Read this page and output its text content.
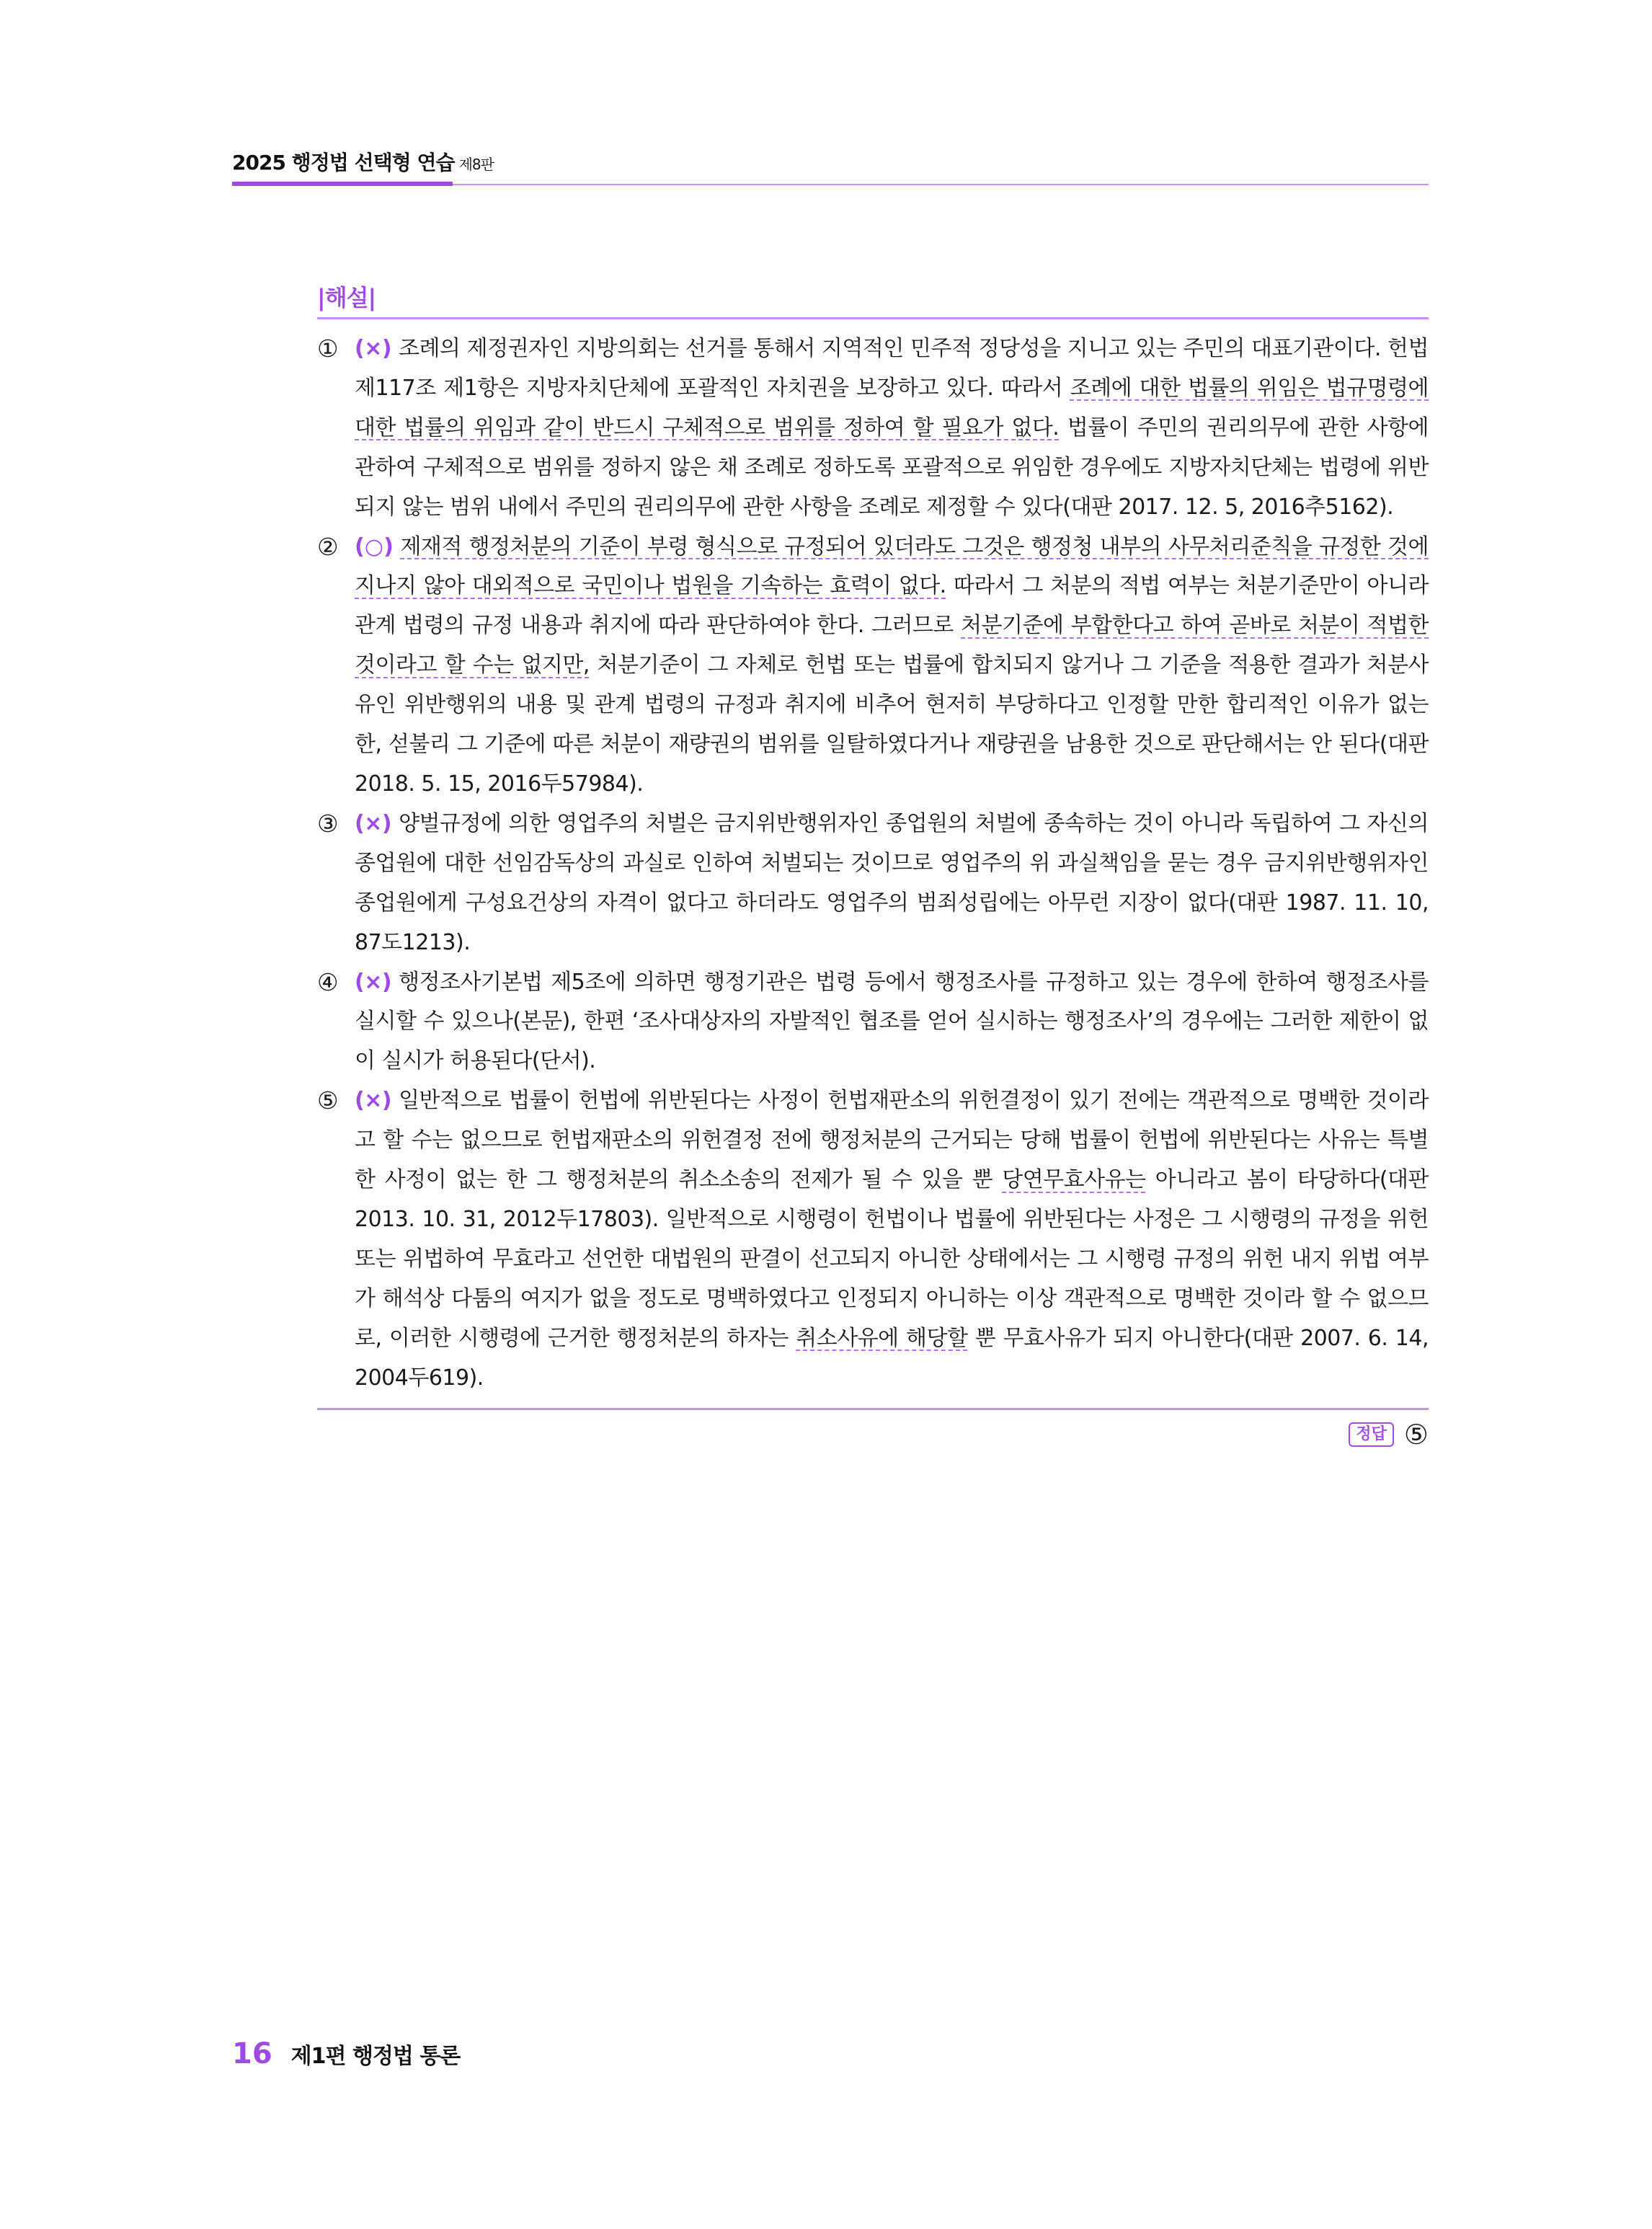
2025 행정법 선택형 연습 제8판
|해설|
① (×) 조례의 제정권자인 지방의회는 선거를 통해서 지역적인 민주적 정당성을 지니고 있는 주민의 대표기관이다. 헌법 제117조 제1항은 지방자치단체에 포괄적인 자치권을 보장하고 있다. 따라서 조례에 대한 법률의 위임은 법규명령에 대한 법률의 위임과 같이 반드시 구체적으로 범위를 정하여 할 필요가 없다. 법률이 주민의 권리의무에 관한 사항에 관하여 구체적으로 범위를 정하지 않은 채 조례로 정하도록 포괄적으로 위임한 경우에도 지방자치단체는 법령에 위반되지 않는 범위 내에서 주민의 권리의무에 관한 사항을 조례로 제정할 수 있다(대판 2017. 12. 5, 2016추5162).
② (○) 제재적 행정처분의 기준이 부령 형식으로 규정되어 있더라도 그것은 행정청 내부의 사무처리준칙을 규정한 것에 지나지 않아 대외적으로 국민이나 법원을 기속하는 효력이 없다. 따라서 그 처분의 적법 여부는 처분기준만이 아니라 관계 법령의 규정 내용과 취지에 따라 판단하여야 한다. 그러므로 처분기준에 부합한다고 하여 곧바로 처분이 적법한 것이라고 할 수는 없지만, 처분기준이 그 자체로 헌법 또는 법률에 합치되지 않거나 그 기준을 적용한 결과가 처분사유인 위반행위의 내용 및 관계 법령의 규정과 취지에 비추어 현저히 부당하다고 인정할 만한 합리적인 이유가 없는 한, 섣불리 그 기준에 따른 처분이 재량권의 범위를 일탈하였다거나 재량권을 남용한 것으로 판단해서는 안 된다(대판 2018. 5. 15, 2016두57984).
③ (×) 양벌규정에 의한 영업주의 처벌은 금지위반행위자인 종업원의 처벌에 종속하는 것이 아니라 독립하여 그 자신의 종업원에 대한 선임감독상의 과실로 인하여 처벌되는 것이므로 영업주의 위 과실책임을 묻는 경우 금지위반행위자인 종업원에게 구성요건상의 자격이 없다고 하더라도 영업주의 범죄성립에는 아무런 지장이 없다(대판 1987. 11. 10, 87도1213).
④ (×) 행정조사기본법 제5조에 의하면 행정기관은 법령 등에서 행정조사를 규정하고 있는 경우에 한하여 행정조사를 실시할 수 있으나(본문), 한편 ‘조사대상자의 자발적인 협조를 얻어 실시하는 행정조사’의 경우에는 그러한 제한이 없이 실시가 허용된다(단서).
⑤ (×) 일반적으로 법률이 헌법에 위반된다는 사정이 헌법재판소의 위헌결정이 있기 전에는 객관적으로 명백한 것이라고 할 수는 없으므로 헌법재판소의 위헌결정 전에 행정처분의 근거되는 당해 법률이 헌법에 위반된다는 사유는 특별한 사정이 없는 한 그 행정처분의 취소소송의 전제가 될 수 있을 뿐 당연무효사유는 아니라고 봄이 타당하다(대판 2013. 10. 31, 2012두17803). 일반적으로 시행령이 헌법이나 법률에 위반된다는 사정은 그 시행령의 규정을 위헌 또는 위법하여 무효라고 선언한 대법원의 판결이 선고되지 아니한 상태에서는 그 시행령 규정의 위헌 내지 위법 여부가 해석상 다툼의 여지가 없을 정도로 명백하였다고 인정되지 아니하는 이상 객관적으로 명백한 것이라 할 수 없으므로, 이러한 시행령에 근거한 행정처분의 하자는 취소사유에 해당할 뿐 무효사유가 되지 아니한다(대판 2007. 6. 14, 2004두619).
정답 ⑤
16 제1편 행정법 통론
